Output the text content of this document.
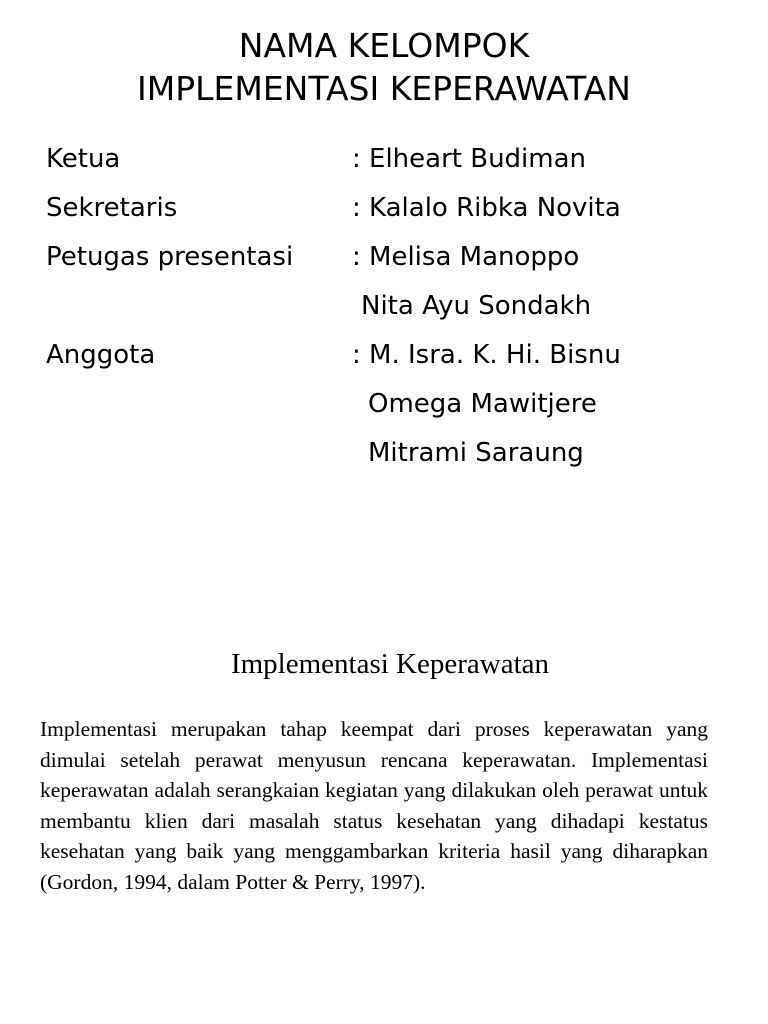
NAMA KELOMPOK
IMPLEMENTASI KEPERAWATAN
Ketua	: Elheart Budiman
Sekretaris	: Kalalo Ribka Novita
Petugas presentasi : Melisa Manoppo
Nita Ayu Sondakh
Anggota	: M. Isra. K. Hi. Bisnu
Omega Mawitjere
Mitrami Saraung
Implementasi Keperawatan

Implementasi merupakan tahap keempat dari proses keperawatan yang dimulai setelah perawat menyusun rencana keperawatan. Implementasi keperawatan adalah serangkaian kegiatan yang dilakukan oleh perawat untuk membantu klien dari masalah status kesehatan yang dihadapi kestatus kesehatan yang baik yang menggambarkan kriteria hasil yang diharapkan (Gordon, 1994, dalam Potter & Perry, 1997).
